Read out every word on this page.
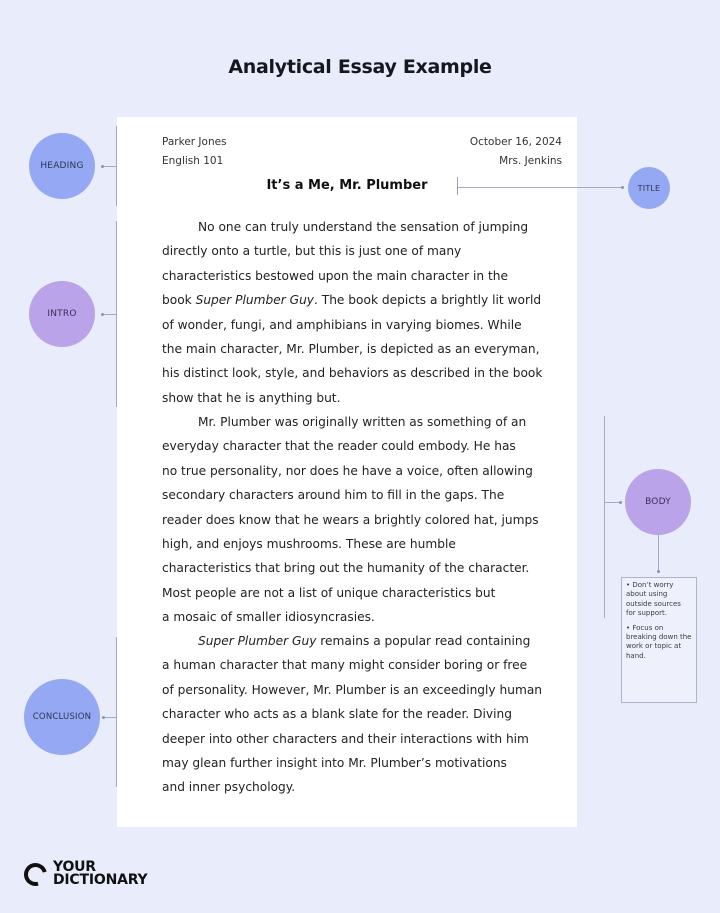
Analytical Essay Example
Parker Jones
English 101
October 16, 2024
Mrs. Jenkins
It’s a Me, Mr. Plumber
No one can truly understand the sensation of jumping
directly onto a turtle, but this is just one of many
characteristics bestowed upon the main character in the
book Super Plumber Guy. The book depicts a brightly lit world
of wonder, fungi, and amphibians in varying biomes. While
the main character, Mr. Plumber, is depicted as an everyman,
his distinct look, style, and behaviors as described in the book
show that he is anything but.
Mr. Plumber was originally written as something of an
everyday character that the reader could embody. He has
no true personality, nor does he have a voice, often allowing
secondary characters around him to fill in the gaps. The
reader does know that he wears a brightly colored hat, jumps
high, and enjoys mushrooms. These are humble
characteristics that bring out the humanity of the character.
Most people are not a list of unique characteristics but
a mosaic of smaller idiosyncrasies.
Super Plumber Guy remains a popular read containing
a human character that many might consider boring or free
of personality. However, Mr. Plumber is an exceedingly human
character who acts as a blank slate for the reader. Diving
deeper into other characters and their interactions with him
may glean further insight into Mr. Plumber’s motivations
and inner psychology.
HEADING
TITLE
INTRO
BODY
CONCLUSION

• Don’t worry about using outside sources for support.

• Focus on breaking down the work or topic at hand.

YOUR
DICTIONARY
